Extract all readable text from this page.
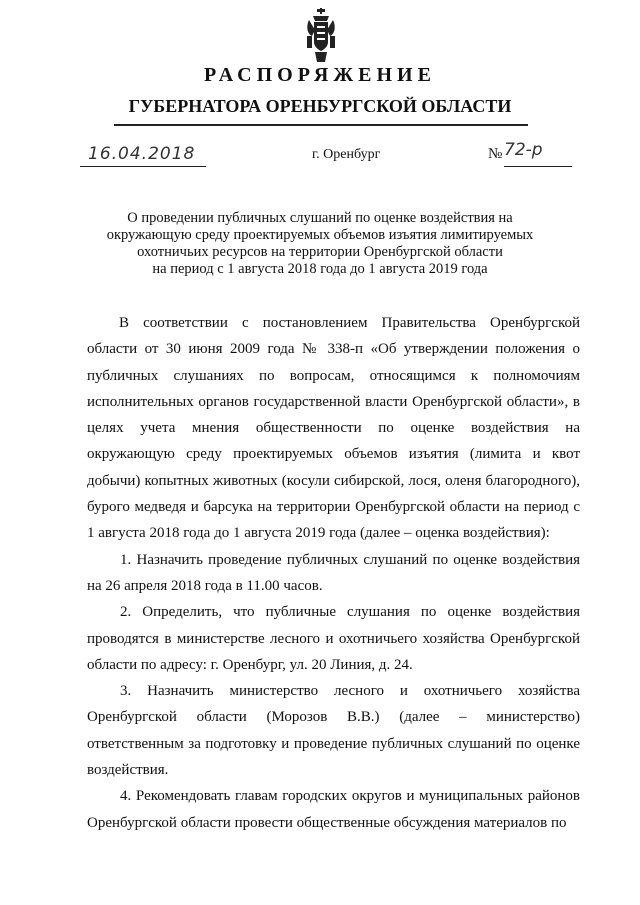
РАСПОРЯЖЕНИЕ
ГУБЕРНАТОРА ОРЕНБУРГСКОЙ ОБЛАСТИ
16.04.2018	г. Оренбург	№ 72-р
О проведении публичных слушаний по оценке воздействия на
окружающую среду проектируемых объемов изъятия лимитируемых
охотничьих ресурсов на территории Оренбургской области
на период с 1 августа 2018 года до 1 августа 2019 года

В соответствии с постановлением Правительства Оренбургской области от 30 июня 2009 года № 338-п «Об утверждении положения о публичных слушаниях по вопросам, относящимся к полномочиям исполнительных органов государственной власти Оренбургской области», в целях учета мнения общественности по оценке воздействия на окружающую среду проектируемых объемов изъятия (лимита и квот добычи) копытных животных (косули сибирской, лося, оленя благородного), бурого медведя и барсука на территории Оренбургской области на период с 1 августа 2018 года до 1 августа 2019 года (далее – оценка воздействия):

1. Назначить проведение публичных слушаний по оценке воздействия на 26 апреля 2018 года в 11.00 часов.

2. Определить, что публичные слушания по оценке воздействия проводятся в министерстве лесного и охотничьего хозяйства Оренбургской области по адресу: г. Оренбург, ул. 20 Линия, д. 24.

3. Назначить министерство лесного и охотничьего хозяйства Оренбургской области (Морозов В.В.) (далее – министерство) ответственным за подготовку и проведение публичных слушаний по оценке воздействия.

4. Рекомендовать главам городских округов и муниципальных районов Оренбургской области провести общественные обсуждения материалов по
